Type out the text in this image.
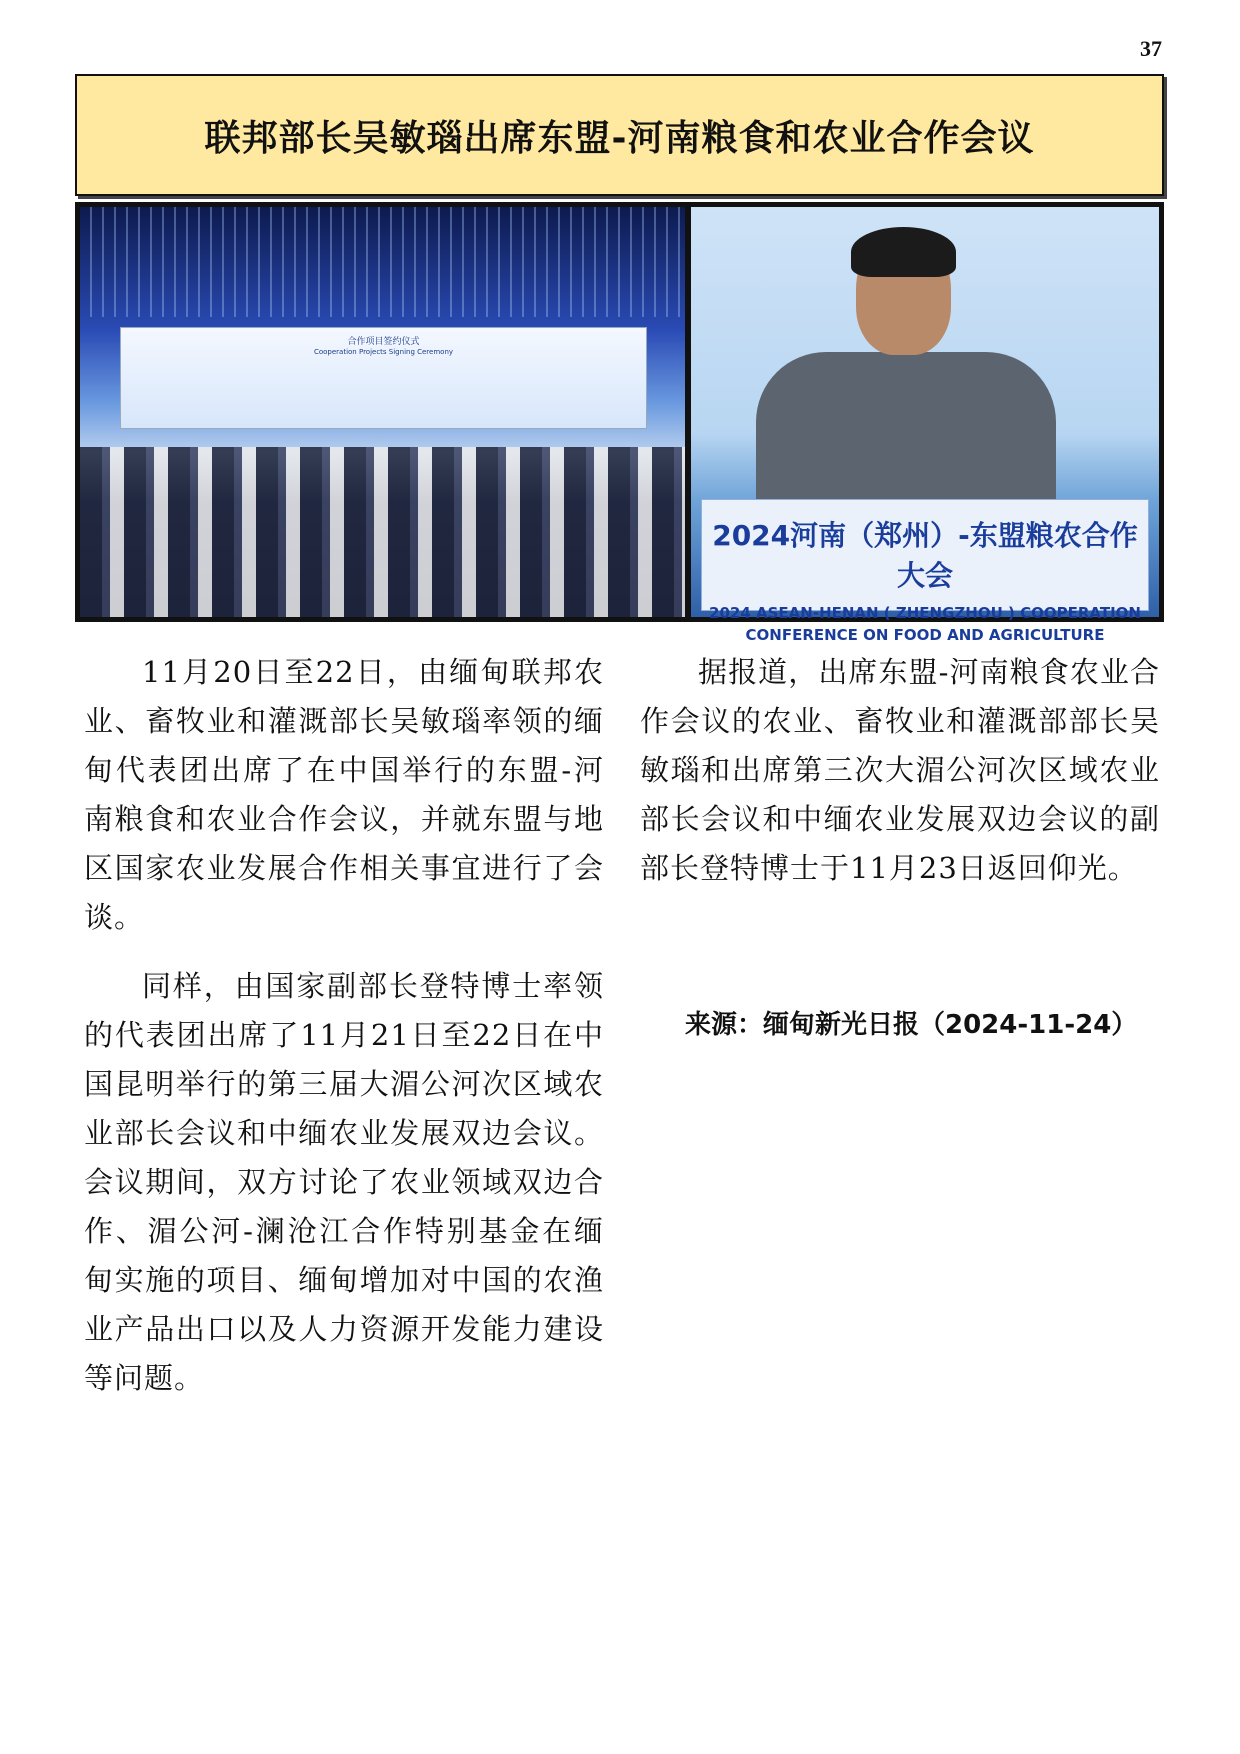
37
联邦部长吴敏瑙出席东盟-河南粮食和农业合作会议
合作项目签约仪式
Cooperation Projects Signing Ceremony
2024河南（郑州）-东盟粮农合作大会
2024 ASEAN-HENAN ( ZHENGZHOU ) COOPERATION
CONFERENCE ON FOOD AND AGRICULTURE

11月20日至22日，由缅甸联邦农业、畜牧业和灌溉部长吴敏瑙率领的缅甸代表团出席了在中国举行的东盟-河南粮食和农业合作会议，并就东盟与地区国家农业发展合作相关事宜进行了会谈。

同样，由国家副部长登特博士率领的代表团出席了11月21日至22日在中国昆明举行的第三届大湄公河次区域农业部长会议和中缅农业发展双边会议。会议期间，双方讨论了农业领域双边合作、湄公河-澜沧江合作特别基金在缅甸实施的项目、缅甸增加对中国的农渔业产品出口以及人力资源开发能力建设等问题。

据报道，出席东盟-河南粮食农业合作会议的农业、畜牧业和灌溉部部长吴敏瑙和出席第三次大湄公河次区域农业部长会议和中缅农业发展双边会议的副部长登特博士于11月23日返回仰光。

来源：缅甸新光日报（2024-11-24）
